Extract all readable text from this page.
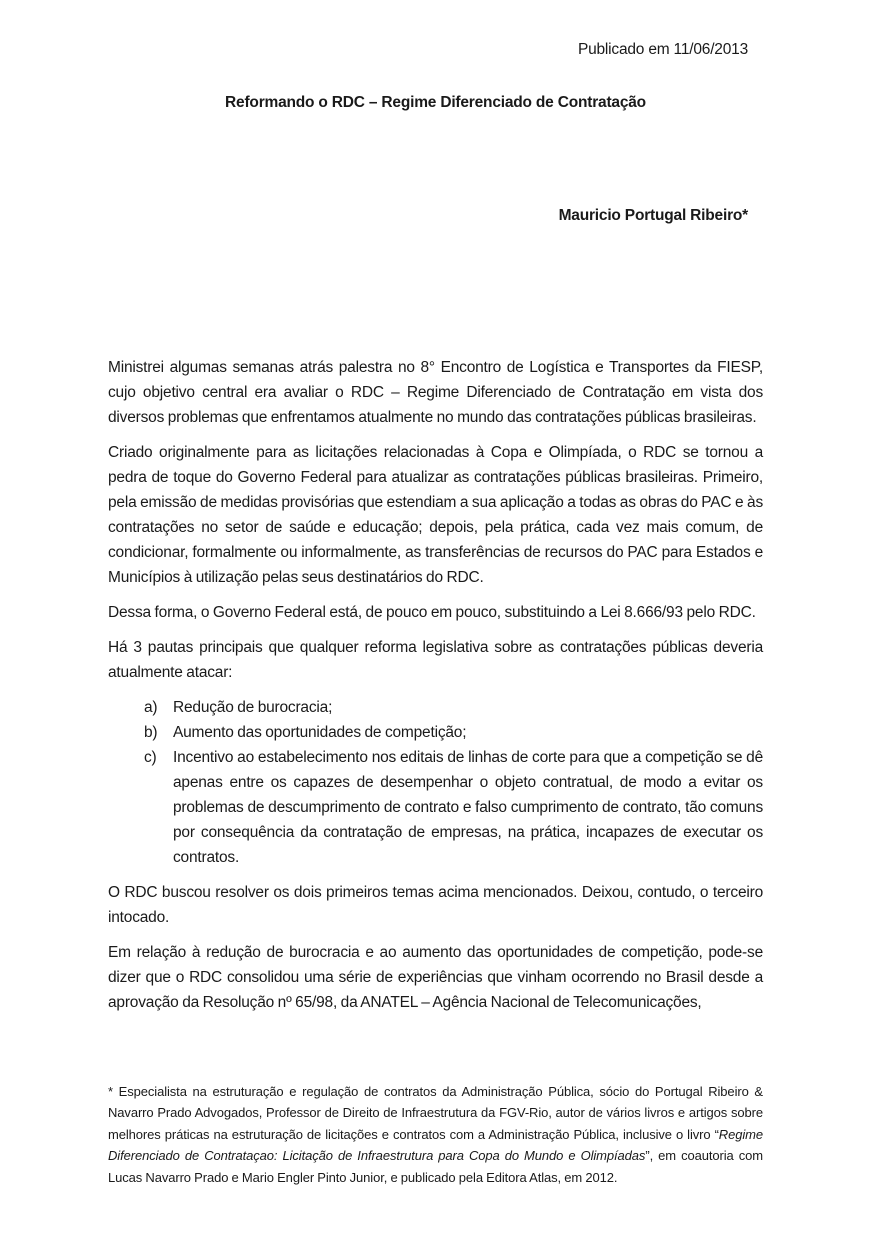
Publicado em 11/06/2013
Reformando o RDC – Regime Diferenciado de Contratação
Mauricio Portugal Ribeiro*

Ministrei algumas semanas atrás palestra no 8° Encontro de Logística e Transportes da FIESP, cujo objetivo central era avaliar o RDC – Regime Diferenciado de Contratação em vista dos diversos problemas que enfrentamos atualmente no mundo das contratações públicas brasileiras.

Criado originalmente para as licitações relacionadas à Copa e Olimpíada, o RDC se tornou a pedra de toque do Governo Federal para atualizar as contratações públicas brasileiras. Primeiro, pela emissão de medidas provisórias que estendiam a sua aplicação a todas as obras do PAC e às contratações no setor de saúde e educação; depois, pela prática, cada vez mais comum, de condicionar, formalmente ou informalmente, as transferências de recursos do PAC para Estados e Municípios à utilização pelas seus destinatários do RDC.

Dessa forma, o Governo Federal está, de pouco em pouco, substituindo a Lei 8.666/93 pelo RDC.

Há 3 pautas principais que qualquer reforma legislativa sobre as contratações públicas deveria atualmente atacar:

a)	Redução de burocracia;
b)	Aumento das oportunidades de competição;
c)	Incentivo ao estabelecimento nos editais de linhas de corte para que a competição se dê apenas entre os capazes de desempenhar o objeto contratual, de modo a evitar os problemas de descumprimento de contrato e falso cumprimento de contrato, tão comuns por consequência da contratação de empresas, na prática, incapazes de executar os contratos.

O RDC buscou resolver os dois primeiros temas acima mencionados. Deixou, contudo, o terceiro intocado.

Em relação à redução de burocracia e ao aumento das oportunidades de competição, pode-se dizer que o RDC consolidou uma série de experiências que vinham ocorrendo no Brasil desde a aprovação da Resolução nº 65/98, da ANATEL – Agência Nacional de Telecomunicações,

* Especialista na estruturação e regulação de contratos da Administração Pública, sócio do Portugal Ribeiro & Navarro Prado Advogados, Professor de Direito de Infraestrutura da FGV-Rio, autor de vários livros e artigos sobre melhores práticas na estruturação de licitações e contratos com a Administração Pública, inclusive o livro “Regime Diferenciado de Contrataçao: Licitação de Infraestrutura para Copa do Mundo e Olimpíadas”, em coautoria com Lucas Navarro Prado e Mario Engler Pinto Junior, e publicado pela Editora Atlas, em 2012.
